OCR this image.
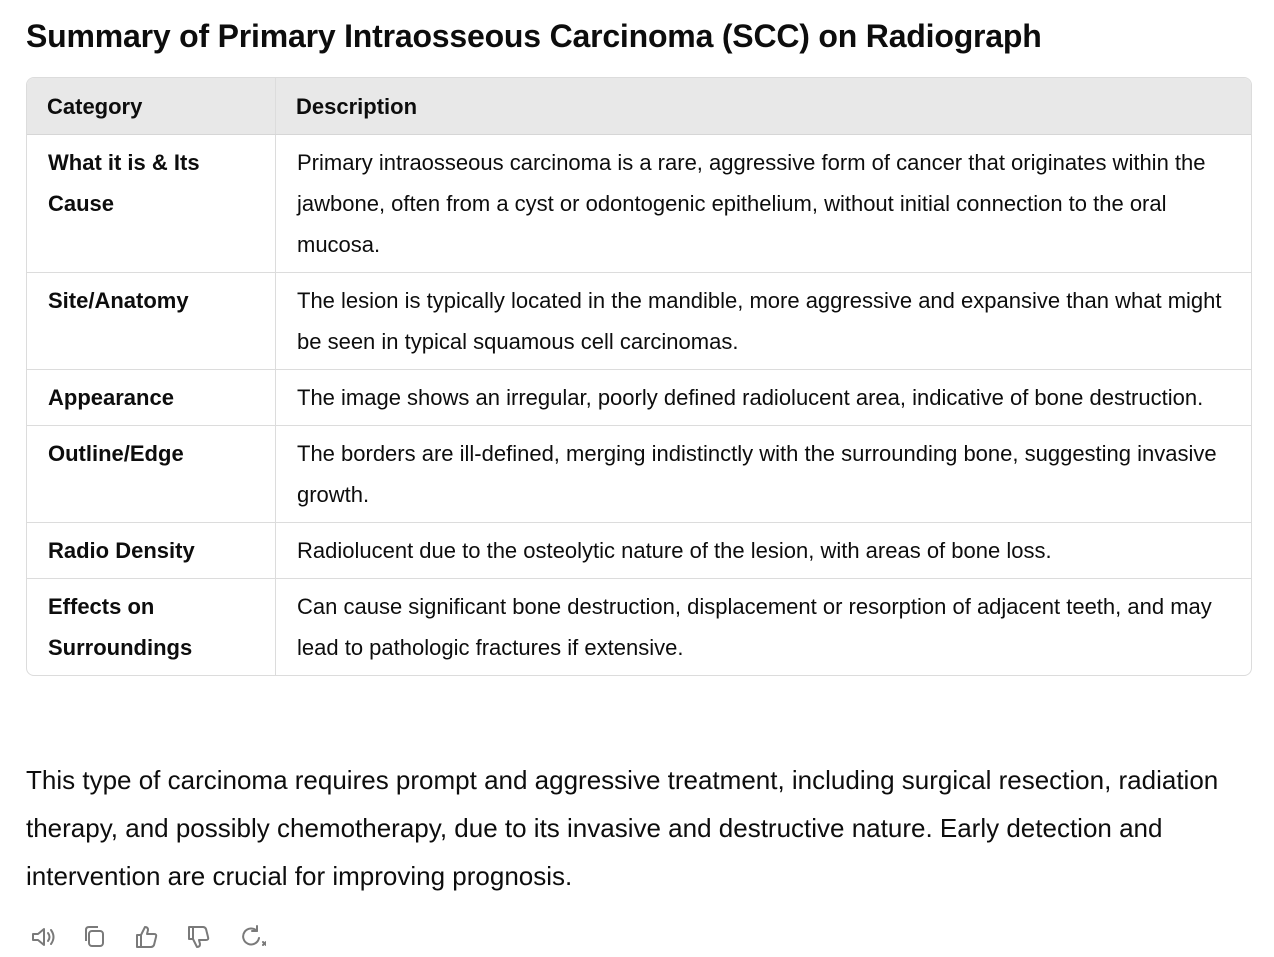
Summary of Primary Intraosseous Carcinoma (SCC) on Radiograph
Category	Description
What it is & Its Cause	Primary intraosseous carcinoma is a rare, aggressive form of cancer that originates within the jawbone, often from a cyst or odontogenic epithelium, without initial connection to the oral mucosa.
Site/Anatomy	The lesion is typically located in the mandible, more aggressive and expansive than what might be seen in typical squamous cell carcinomas.
Appearance	The image shows an irregular, poorly defined radiolucent area, indicative of bone destruction.
Outline/Edge	The borders are ill-defined, merging indistinctly with the surrounding bone, suggesting invasive growth.
Radio Density	Radiolucent due to the osteolytic nature of the lesion, with areas of bone loss.
Effects on Surroundings	Can cause significant bone destruction, displacement or resorption of adjacent teeth, and may lead to pathologic fractures if extensive.

This type of carcinoma requires prompt and aggressive treatment, including surgical resection, radiation therapy, and possibly chemotherapy, due to its invasive and destructive nature. Early detection and intervention are crucial for improving prognosis.
